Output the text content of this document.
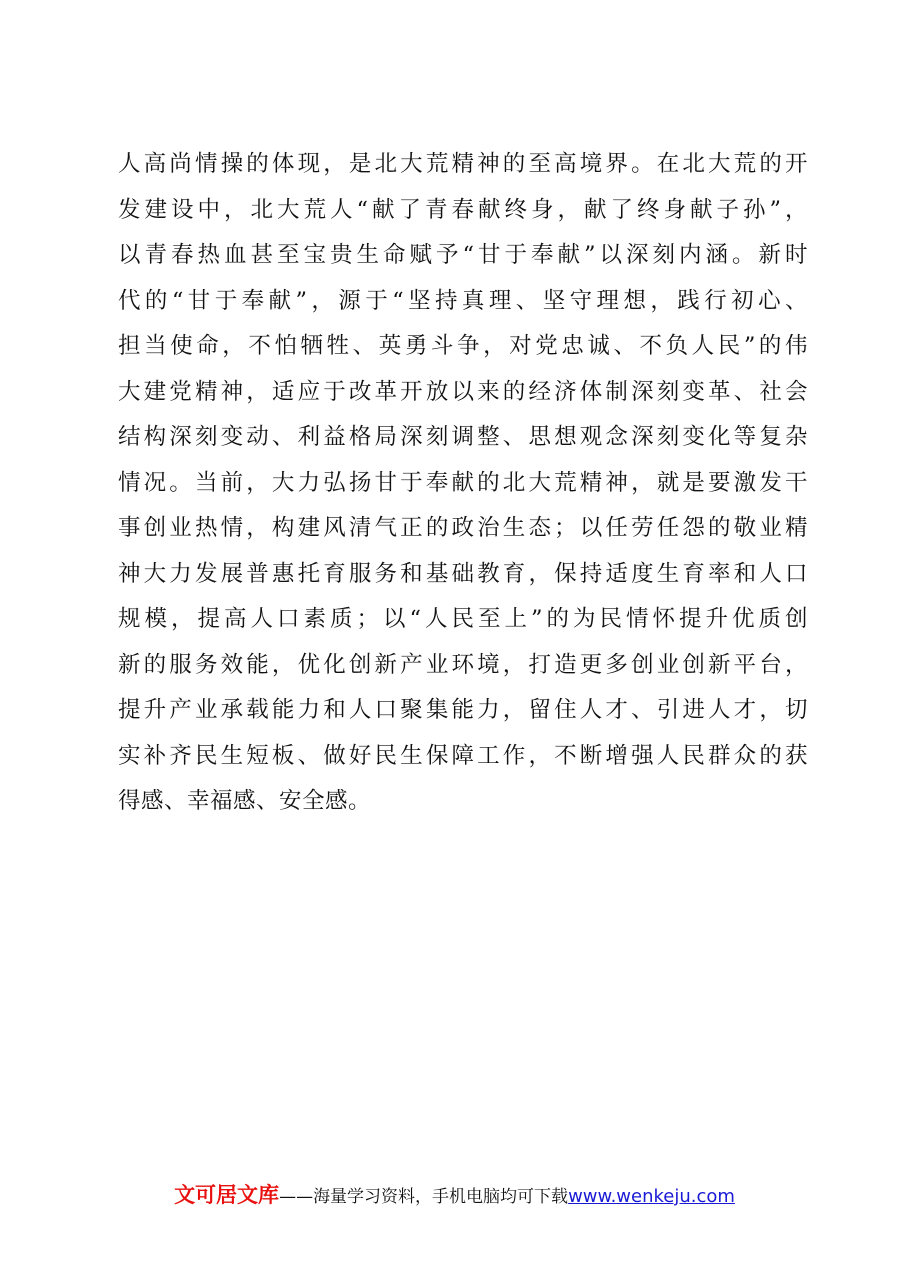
人高尚情操的体现，是北大荒精神的至高境界。在北大荒的开
发建设中，北大荒人“献了青春献终身，献了终身献子孙”，
以青春热血甚至宝贵生命赋予“甘于奉献”以深刻内涵。新时
代的“甘于奉献”，源于“坚持真理、坚守理想，践行初心、
担当使命，不怕牺牲、英勇斗争，对党忠诚、不负人民”的伟
大建党精神，适应于改革开放以来的经济体制深刻变革、社会
结构深刻变动、利益格局深刻调整、思想观念深刻变化等复杂
情况。当前，大力弘扬甘于奉献的北大荒精神，就是要激发干
事创业热情，构建风清气正的政治生态；以任劳任怨的敬业精
神大力发展普惠托育服务和基础教育，保持适度生育率和人口
规模，提高人口素质；以“人民至上”的为民情怀提升优质创
新的服务效能，优化创新产业环境，打造更多创业创新平台，
提升产业承载能力和人口聚集能力，留住人才、引进人才，切
实补齐民生短板、做好民生保障工作，不断增强人民群众的获
得感、幸福感、安全感。
文可居文库——海量学习资料，手机电脑均可下载www.wenkeju.com
